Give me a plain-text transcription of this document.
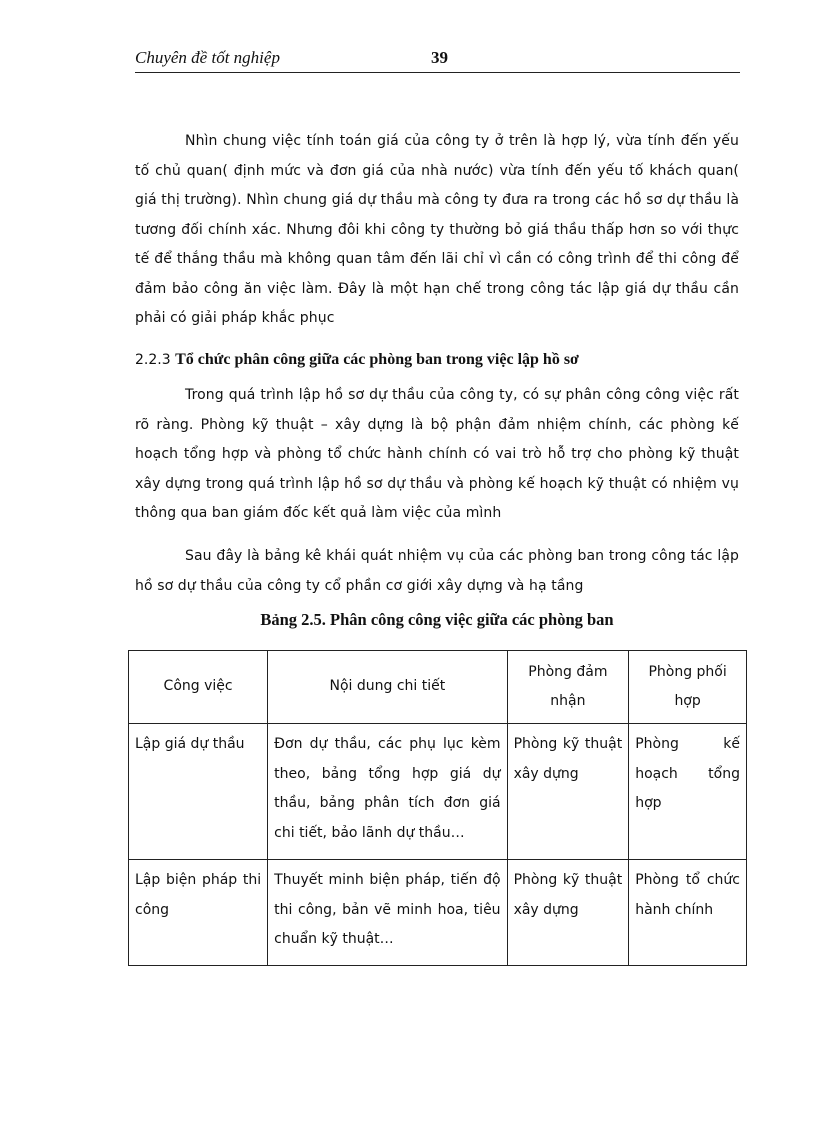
Chuyên đề tốt nghiệp	39

Nhìn chung việc tính toán giá của công ty ở trên là hợp lý, vừa tính đến yếu tố chủ quan( định mức và đơn giá của nhà nước) vừa tính đến yếu tố khách quan( giá thị trường). Nhìn chung giá dự thầu mà công ty đưa ra trong các hồ sơ dự thầu là tương đối chính xác. Nhưng đôi khi công ty thường bỏ giá thầu thấp hơn so với thực tế để thắng thầu mà không quan tâm đến lãi chỉ vì cần có công trình để thi công để đảm bảo công ăn việc làm. Đây là một hạn chế trong công tác lập giá dự thầu cần phải có giải pháp khắc phục

2.2.3 Tổ chức phân công giữa các phòng ban trong việc lập hồ sơ

Trong quá trình lập hồ sơ dự thầu của công ty, có sự phân công công việc rất rõ ràng. Phòng kỹ thuật – xây dựng là bộ phận đảm nhiệm chính, các phòng kế hoạch tổng hợp và phòng tổ chức hành chính có vai trò hỗ trợ cho phòng kỹ thuật xây dựng trong quá trình lập hồ sơ dự thầu và phòng kế hoạch kỹ thuật có nhiệm vụ thông qua ban giám đốc kết quả làm việc của mình

Sau đây là bảng kê khái quát nhiệm vụ của các phòng ban trong công tác lập hồ sơ dự thầu của công ty cổ phần cơ giới xây dựng và hạ tầng

Bảng 2.5. Phân công công việc giữa các phòng ban
Công việc	Nội dung chi tiết	Phòng đảm nhận	Phòng phối hợp
Lập giá dự thầu	Đơn dự thầu, các phụ lục kèm theo, bảng tổng hợp giá dự thầu, bảng phân tích đơn giá chi tiết, bảo lãnh dự thầu…	Phòng kỹ thuật xây dựng	Phòng kế hoạch tổng hợp
Lập biện pháp thi công	Thuyết minh biện pháp, tiến độ thi công, bản vẽ minh hoa, tiêu chuẩn kỹ thuật…	Phòng kỹ thuật xây dựng	Phòng tổ chức hành chính
